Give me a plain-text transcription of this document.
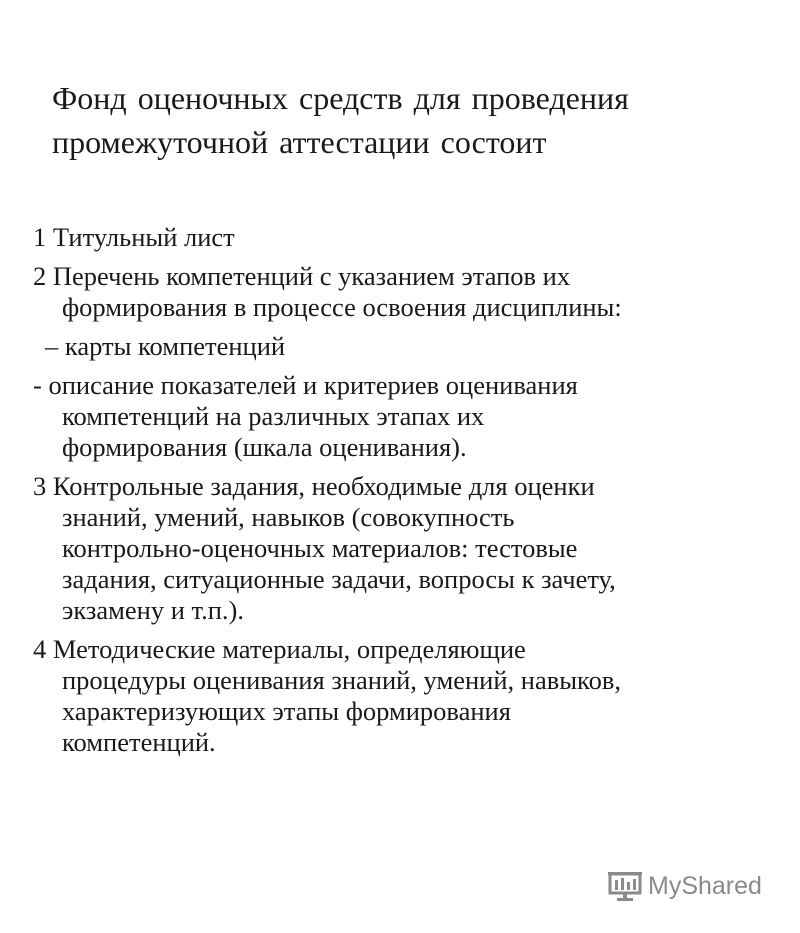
Фонд оценочных средств для проведения
промежуточной аттестации состоит
1 Титульный лист
2 Перечень компетенций с указанием этапов их
формирования в процессе освоения дисциплины:
– карты компетенций
- описание показателей и критериев оценивания
компетенций на различных этапах их
формирования (шкала оценивания).
3 Контрольные задания, необходимые для оценки
знаний, умений, навыков (совокупность
контрольно-оценочных материалов: тестовые
задания, ситуационные задачи, вопросы к зачету,
экзамену и т.п.).
4 Методические материалы, определяющие
процедуры оценивания знаний, умений, навыков,
характеризующих этапы формирования
компетенций.
MyShared
